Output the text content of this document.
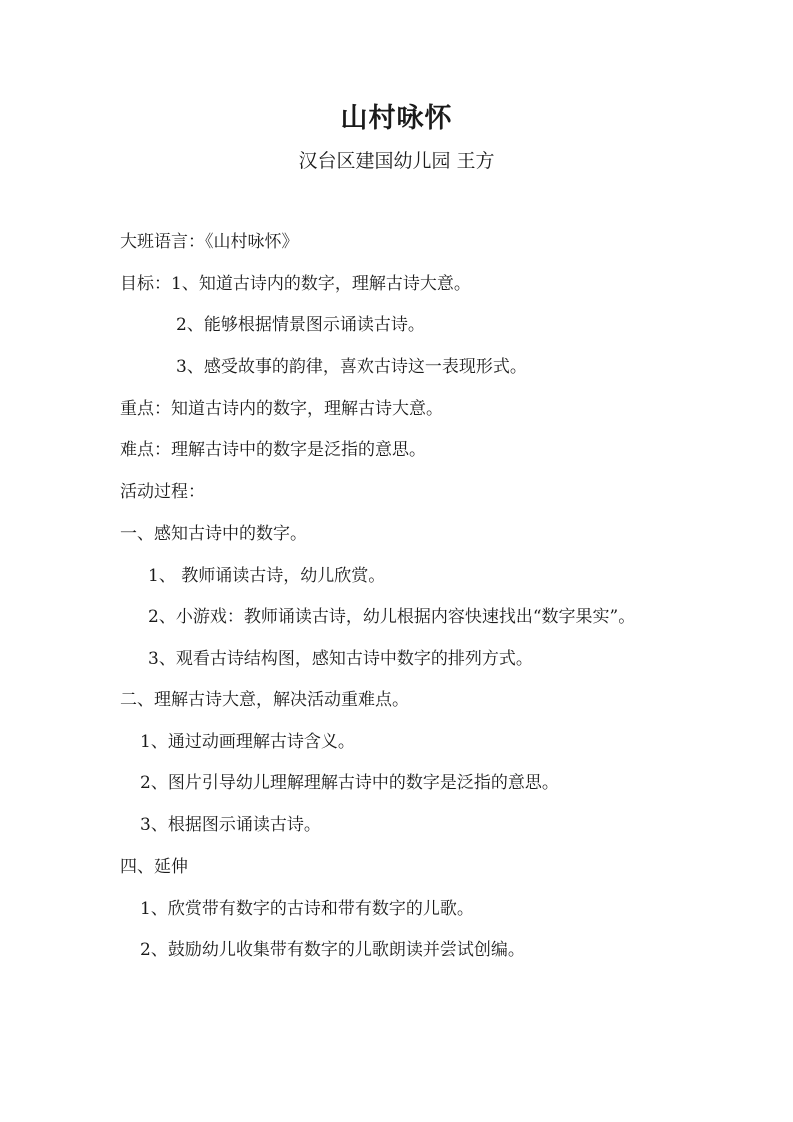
山村咏怀
汉台区建国幼儿园 王方
大班语言：《山村咏怀》
目标：1、知道古诗内的数字，理解古诗大意。
2、能够根据情景图示诵读古诗。
3、感受故事的韵律，喜欢古诗这一表现形式。
重点：知道古诗内的数字，理解古诗大意。
难点：理解古诗中的数字是泛指的意思。
活动过程：
一、感知古诗中的数字。
1、 教师诵读古诗，幼儿欣赏。
2、小游戏：教师诵读古诗，幼儿根据内容快速找出“数字果实”。
3、观看古诗结构图，感知古诗中数字的排列方式。
二、理解古诗大意，解决活动重难点。
1、通过动画理解古诗含义。
2、图片引导幼儿理解理解古诗中的数字是泛指的意思。
3、根据图示诵读古诗。
四、延伸
1、欣赏带有数字的古诗和带有数字的儿歌。
2、鼓励幼儿收集带有数字的儿歌朗读并尝试创编。
